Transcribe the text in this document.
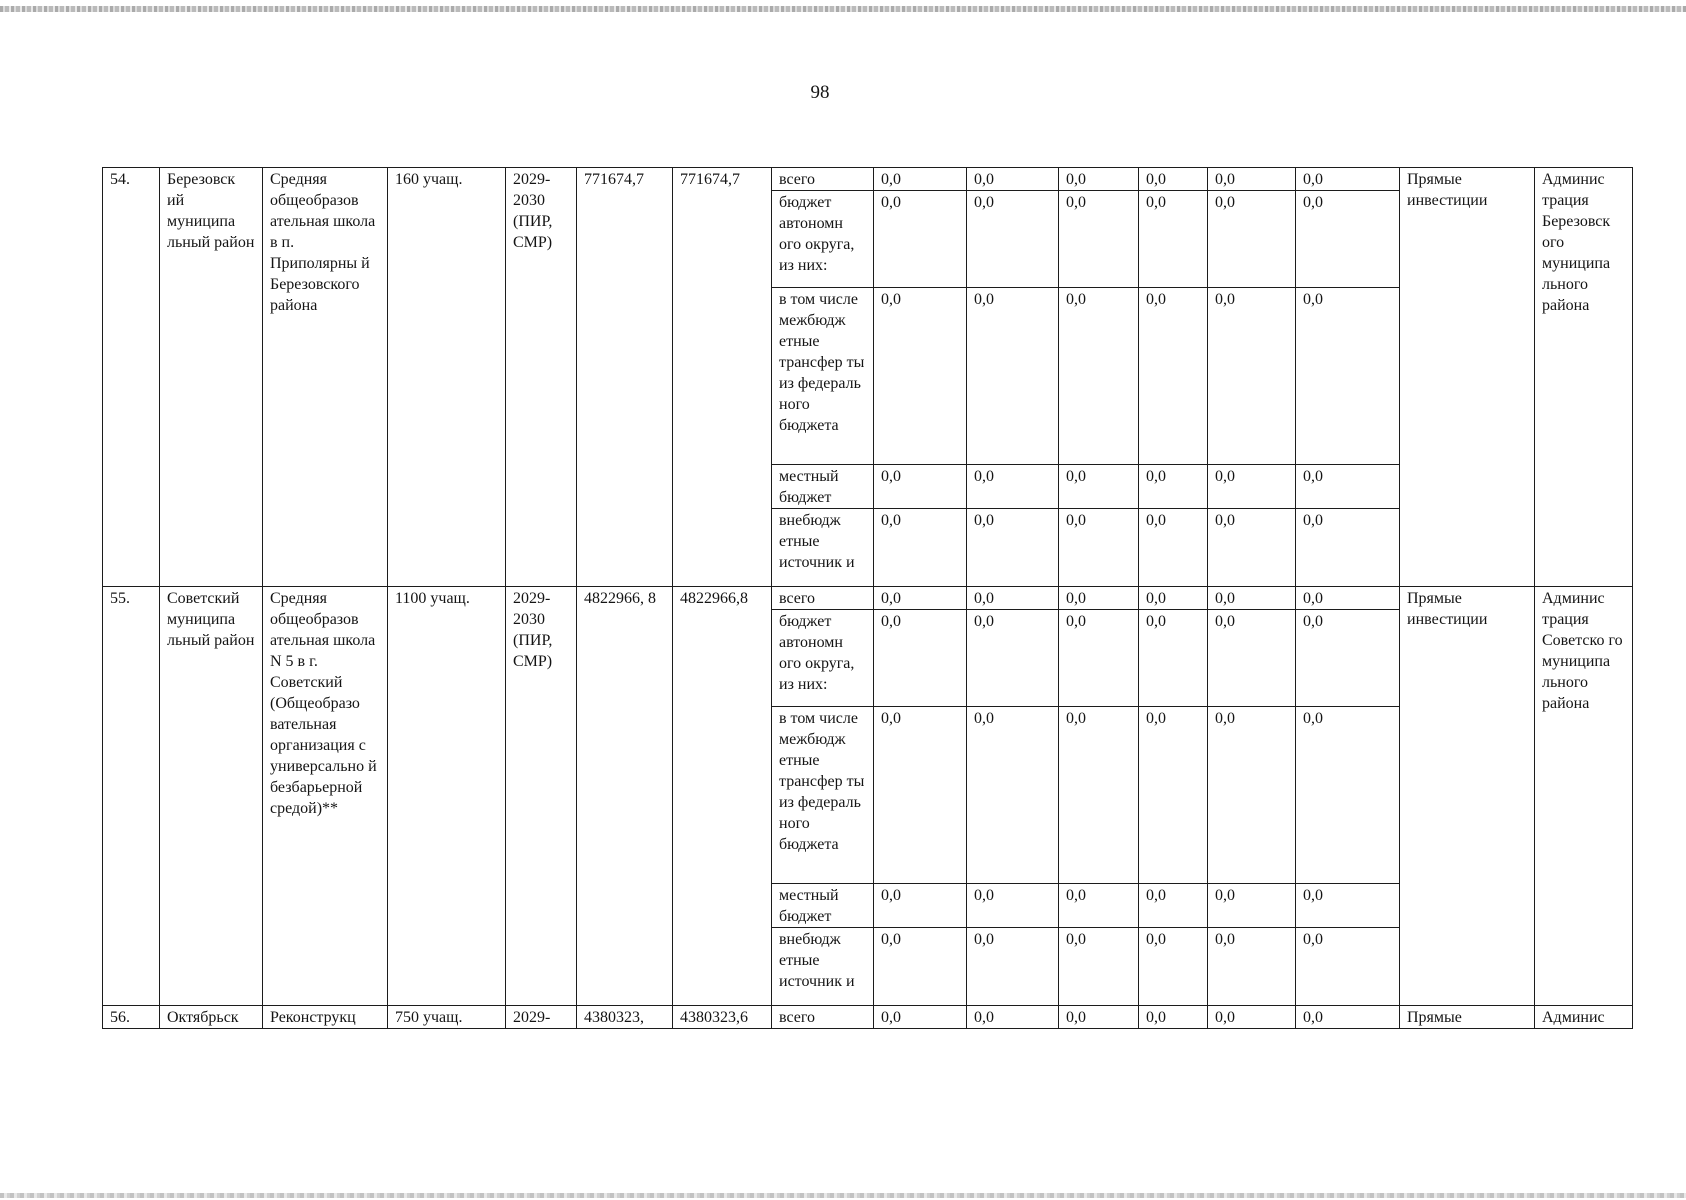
98
54.	Березовск ий муниципа льный район	Средняя общеобразов ательная школа в п. Приполярны й Березовского района	160 учащ.	2029- 2030 (ПИР, СМР)	771674,7	771674,7	всего	0,0	0,0	0,0	0,0	0,0	0,0	Прямые инвестиции	Админис трация Березовск ого муниципа льного района
							бюджет автономн ого округа, из них:	0,0	0,0	0,0	0,0	0,0	0,0		
							в том числе межбюдж етные трансфер ты из федераль ного бюджета	0,0	0,0	0,0	0,0	0,0	0,0		
							местный бюджет	0,0	0,0	0,0	0,0	0,0	0,0		
							внебюдж етные источник и	0,0	0,0	0,0	0,0	0,0	0,0		
55.	Советский муниципа льный район	Средняя общеобразов ательная школа N 5 в г. Советский (Общеобразо вательная организация с универсально й безбарьерной средой)**	1100 учащ.	2029- 2030 (ПИР, СМР)	4822966, 8	4822966,8	всего	0,0	0,0	0,0	0,0	0,0	0,0	Прямые инвестиции	Админис трация Советско го муниципа льного района
							бюджет автономн ого округа, из них:	0,0	0,0	0,0	0,0	0,0	0,0		
							в том числе межбюдж етные трансфер ты из федераль ного бюджета	0,0	0,0	0,0	0,0	0,0	0,0		
							местный бюджет	0,0	0,0	0,0	0,0	0,0	0,0		
							внебюдж етные источник и	0,0	0,0	0,0	0,0	0,0	0,0		
56.	Октябрьск	Реконструкц	750 учащ.	2029-	4380323,	4380323,6	всего	0,0	0,0	0,0	0,0	0,0	0,0	Прямые	Админис
